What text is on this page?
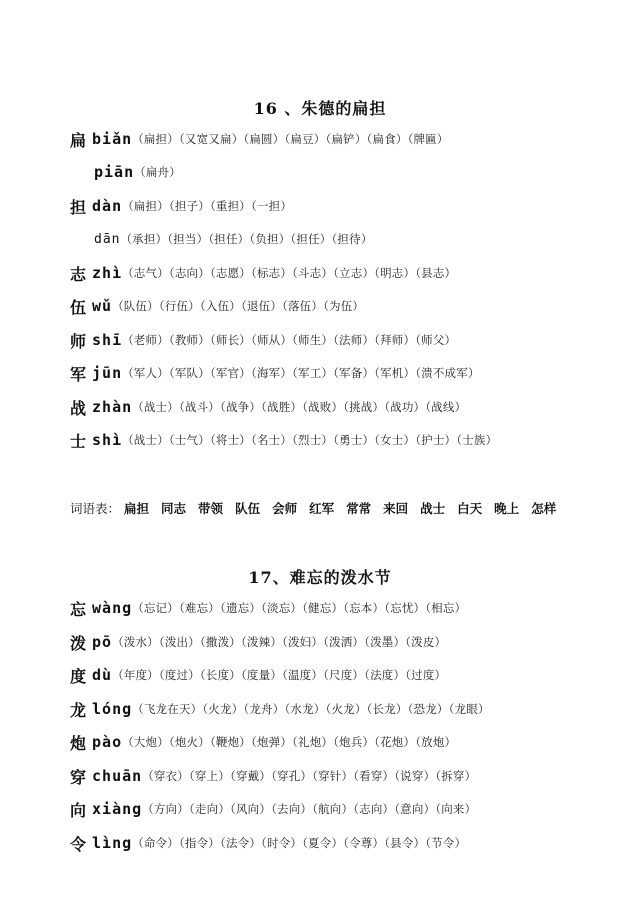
16 、朱德的扁担
扁 biǎn （扁担）（又宽又扁）（扁圆）（扁豆）（扁铲）（扁食）（牌匾）
piān （扁舟）
担 dàn （扁担）（担子）（重担）（一担）
dān （承担）（担当）（担任）（负担）（担任）（担待）
志 zhì （志气）（志向）（志愿）（标志）（斗志）（立志）（明志）（县志）
伍 wǔ （队伍）（行伍）（入伍）（退伍）（落伍）（为伍）
师 shī （老师）（教师）（师长）（师从）（师生）（法师）（拜师）（师父）
军 jūn （军人）（军队）（军官）（海军）（军工）（军备）（军机）（溃不成军）
战 zhàn （战士）（战斗）（战争）（战胜）（战败）（挑战）（战功）（战线）
士 shì （战士）（士气）（将士）（名士）（烈士）（勇士）（女士）（护士）（士族）
词语表： 扁担 同志 带领 队伍 会师 红军 常常 来回 战士 白天 晚上 怎样
17、难忘的泼水节
忘 wàng （忘记）（难忘）（遗忘）（淡忘）（健忘）（忘本）（忘忧）（相忘）
泼 pō （泼水）（泼出）（撒泼）（泼辣）（泼妇）（泼洒）（泼墨）（泼皮）
度 dù （年度）（度过）（长度）（度量）（温度）（尺度）（法度）（过度）
龙 lóng （飞龙在天）（火龙）（龙舟）（水龙）（火龙）（长龙）（恐龙）（龙眼）
炮 pào （大炮）（炮火）（鞭炮）（炮弹）（礼炮）（炮兵）（花炮）（放炮）
穿 chuān （穿衣）（穿上）（穿戴）（穿孔）（穿针）（看穿）（说穿）（拆穿）
向 xiàng （方向）（走向）（风向）（去向）（航向）（志向）（意向）（向来）
令 lìng （命令）（指令）（法令）（时令）（夏令）（令尊）（县令）（节令）
